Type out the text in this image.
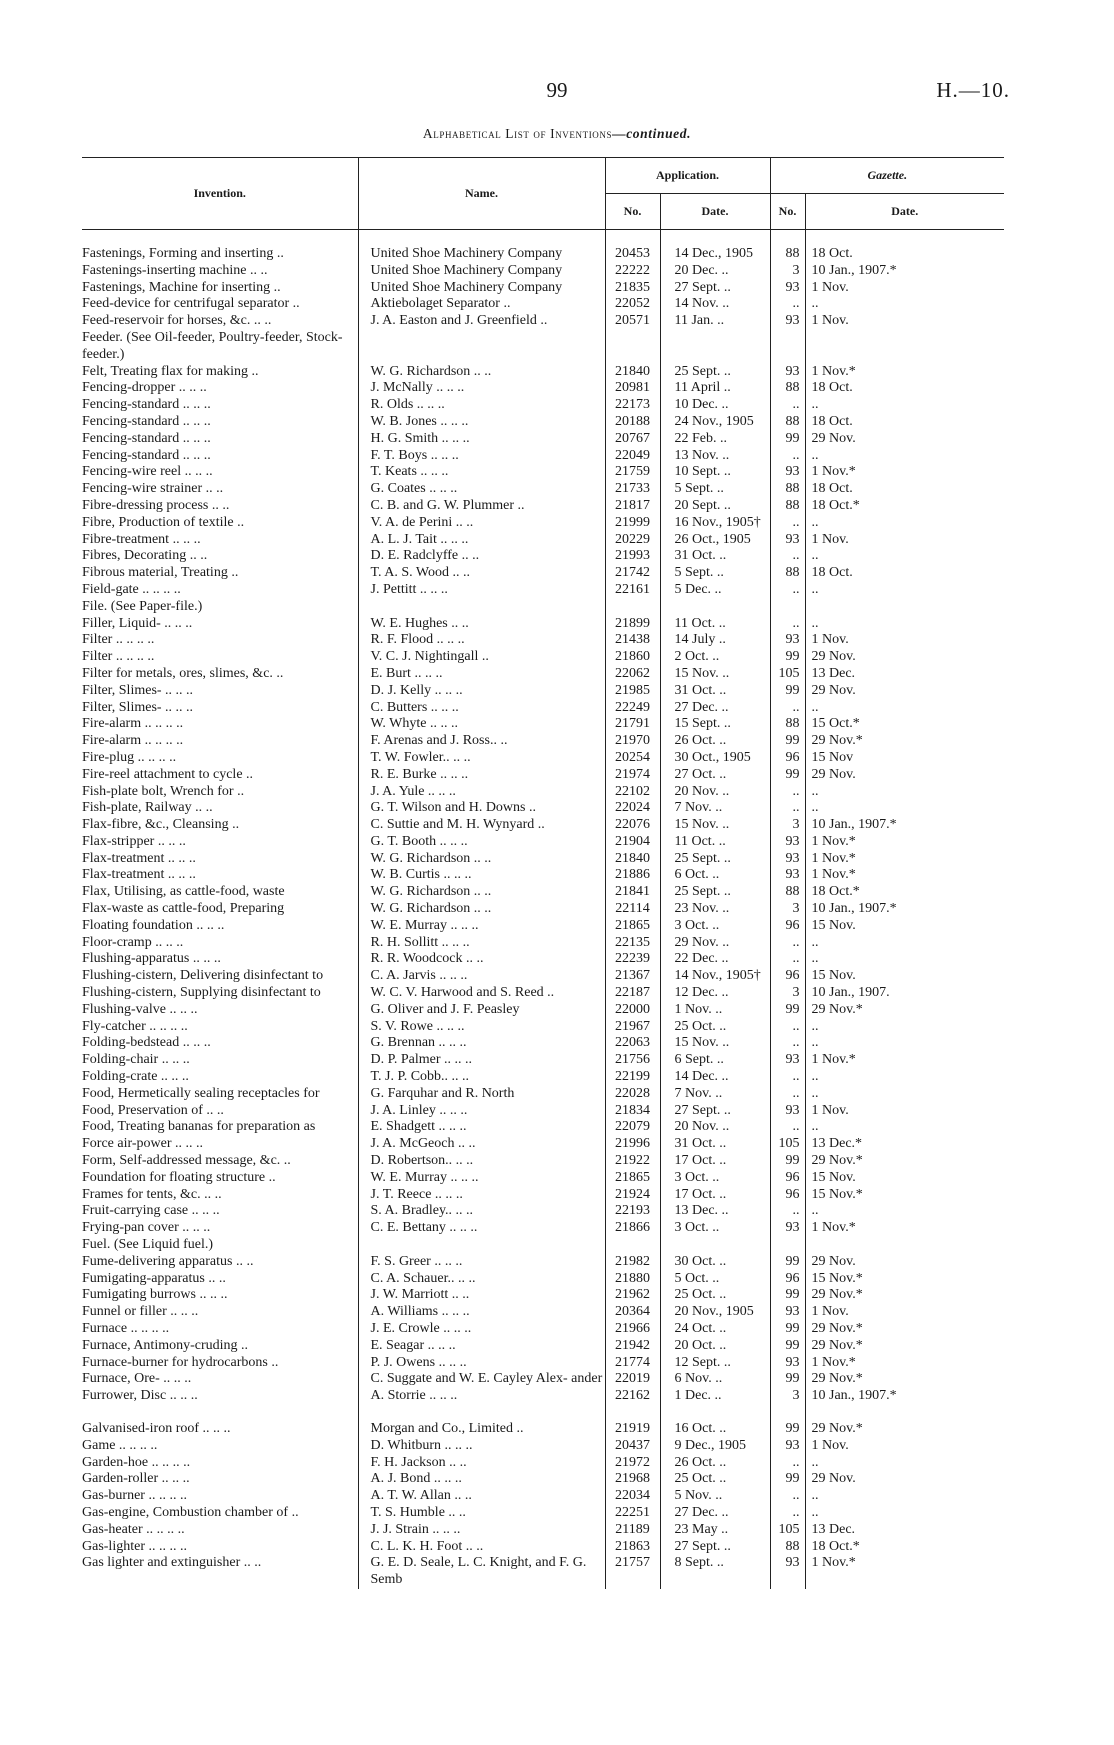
99	H.—10.
Alphabetical List of Inventions—continued.
Invention.	Name.	Application.		Gazette.	
		No.	Date.	No.	Date.

Fastenings, Forming and inserting ..	United Shoe Machinery Company	20453	14 Dec., 1905	88	18 Oct.
Fastenings-inserting machine .. ..	United Shoe Machinery Company	22222	20 Dec. ..	3	10 Jan., 1907.*
Fastenings, Machine for inserting ..	United Shoe Machinery Company	21835	27 Sept. ..	93	1 Nov.
Feed-device for centrifugal separator ..	Aktiebolaget Separator ..	22052	14 Nov. ..	..	..
Feed-reservoir for horses, &c. .. ..	J. A. Easton and J. Greenfield ..	20571	11 Jan. ..	93	1 Nov.
Feeder. (See Oil-feeder, Poultry-feeder, Stock-feeder.)					
Felt, Treating flax for making ..	W. G. Richardson .. ..	21840	25 Sept. ..	93	1 Nov.*
Fencing-dropper .. .. ..	J. McNally .. .. ..	20981	11 April ..	88	18 Oct.
Fencing-standard .. .. ..	R. Olds .. .. ..	22173	10 Dec. ..	..	..
Fencing-standard .. .. ..	W. B. Jones .. .. ..	20188	24 Nov., 1905	88	18 Oct.
Fencing-standard .. .. ..	H. G. Smith .. .. ..	20767	22 Feb. ..	99	29 Nov.
Fencing-standard .. .. ..	F. T. Boys .. .. ..	22049	13 Nov. ..	..	..
Fencing-wire reel .. .. ..	T. Keats .. .. ..	21759	10 Sept. ..	93	1 Nov.*
Fencing-wire strainer .. ..	G. Coates .. .. ..	21733	5 Sept. ..	88	18 Oct.
Fibre-dressing process .. ..	C. B. and G. W. Plummer ..	21817	20 Sept. ..	88	18 Oct.*
Fibre, Production of textile ..	V. A. de Perini .. ..	21999	16 Nov., 1905†	..	..
Fibre-treatment .. .. ..	A. L. J. Tait .. .. ..	20229	26 Oct., 1905	93	1 Nov.
Fibres, Decorating .. ..	D. E. Radclyffe .. ..	21993	31 Oct. ..	..	..
Fibrous material, Treating ..	T. A. S. Wood .. ..	21742	5 Sept. ..	88	18 Oct.
Field-gate .. .. .. ..	J. Pettitt .. .. ..	22161	5 Dec. ..	..	..
File. (See Paper-file.)					
Filler, Liquid- .. .. ..	W. E. Hughes .. ..	21899	11 Oct. ..	..	..
Filter .. .. .. ..	R. F. Flood .. .. ..	21438	14 July ..	93	1 Nov.
Filter .. .. .. ..	V. C. J. Nightingall ..	21860	2 Oct. ..	99	29 Nov.
Filter for metals, ores, slimes, &c. ..	E. Burt .. .. ..	22062	15 Nov. ..	105	13 Dec.
Filter, Slimes- .. .. ..	D. J. Kelly .. .. ..	21985	31 Oct. ..	99	29 Nov.
Filter, Slimes- .. .. ..	C. Butters .. .. ..	22249	27 Dec. ..	..	..
Fire-alarm .. .. .. ..	W. Whyte .. .. ..	21791	15 Sept. ..	88	15 Oct.*
Fire-alarm .. .. .. ..	F. Arenas and J. Ross.. ..	21970	26 Oct. ..	99	29 Nov.*
Fire-plug .. .. .. ..	T. W. Fowler.. .. ..	20254	30 Oct., 1905	96	15 Nov
Fire-reel attachment to cycle ..	R. E. Burke .. .. ..	21974	27 Oct. ..	99	29 Nov.
Fish-plate bolt, Wrench for ..	J. A. Yule .. .. ..	22102	20 Nov. ..	..	..
Fish-plate, Railway .. ..	G. T. Wilson and H. Downs ..	22024	7 Nov. ..	..	..
Flax-fibre, &c., Cleansing ..	C. Suttie and M. H. Wynyard ..	22076	15 Nov. ..	3	10 Jan., 1907.*
Flax-stripper .. .. ..	G. T. Booth .. .. ..	21904	11 Oct. ..	93	1 Nov.*
Flax-treatment .. .. ..	W. G. Richardson .. ..	21840	25 Sept. ..	93	1 Nov.*
Flax-treatment .. .. ..	W. B. Curtis .. .. ..	21886	6 Oct. ..	93	1 Nov.*
Flax, Utilising, as cattle-food, waste	W. G. Richardson .. ..	21841	25 Sept. ..	88	18 Oct.*
Flax-waste as cattle-food, Preparing	W. G. Richardson .. ..	22114	23 Nov. ..	3	10 Jan., 1907.*
Floating foundation .. .. ..	W. E. Murray .. .. ..	21865	3 Oct. ..	96	15 Nov.
Floor-cramp .. .. ..	R. H. Sollitt .. .. ..	22135	29 Nov. ..	..	..
Flushing-apparatus .. .. ..	R. R. Woodcock .. ..	22239	22 Dec. ..	..	..
Flushing-cistern, Delivering disinfectant to	C. A. Jarvis .. .. ..	21367	14 Nov., 1905†	96	15 Nov.
Flushing-cistern, Supplying disinfectant to	W. C. V. Harwood and S. Reed ..	22187	12 Dec. ..	3	10 Jan., 1907.
Flushing-valve .. .. ..	G. Oliver and J. F. Peasley	22000	1 Nov. ..	99	29 Nov.*
Fly-catcher .. .. .. ..	S. V. Rowe .. .. ..	21967	25 Oct. ..	..	..
Folding-bedstead .. .. ..	G. Brennan .. .. ..	22063	15 Nov. ..	..	..
Folding-chair .. .. ..	D. P. Palmer .. .. ..	21756	6 Sept. ..	93	1 Nov.*
Folding-crate .. .. ..	T. J. P. Cobb.. .. ..	22199	14 Dec. ..	..	..
Food, Hermetically sealing receptacles for	G. Farquhar and R. North	22028	7 Nov. ..	..	..
Food, Preservation of .. ..	J. A. Linley .. .. ..	21834	27 Sept. ..	93	1 Nov.
Food, Treating bananas for preparation as	E. Shadgett .. .. ..	22079	20 Nov. ..	..	..
Force air-power .. .. ..	J. A. McGeoch .. ..	21996	31 Oct. ..	105	13 Dec.*
Form, Self-addressed message, &c. ..	D. Robertson.. .. ..	21922	17 Oct. ..	99	29 Nov.*
Foundation for floating structure ..	W. E. Murray .. .. ..	21865	3 Oct. ..	96	15 Nov.
Frames for tents, &c. .. ..	J. T. Reece .. .. ..	21924	17 Oct. ..	96	15 Nov.*
Fruit-carrying case .. .. ..	S. A. Bradley.. .. ..	22193	13 Dec. ..	..	..
Frying-pan cover .. .. ..	C. E. Bettany .. .. ..	21866	3 Oct. ..	93	1 Nov.*
Fuel. (See Liquid fuel.)					
Fume-delivering apparatus .. ..	F. S. Greer .. .. ..	21982	30 Oct. ..	99	29 Nov.
Fumigating-apparatus .. ..	C. A. Schauer.. .. ..	21880	5 Oct. ..	96	15 Nov.*
Fumigating burrows .. .. ..	J. W. Marriott .. ..	21962	25 Oct. ..	99	29 Nov.*
Funnel or filler .. .. ..	A. Williams .. .. ..	20364	20 Nov., 1905	93	1 Nov.
Furnace .. .. .. ..	J. E. Crowle .. .. ..	21966	24 Oct. ..	99	29 Nov.*
Furnace, Antimony-cruding ..	E. Seagar .. .. ..	21942	20 Oct. ..	99	29 Nov.*
Furnace-burner for hydrocarbons ..	P. J. Owens .. .. ..	21774	12 Sept. ..	93	1 Nov.*
Furnace, Ore- .. .. ..	C. Suggate and W. E. Cayley Alex- ander	22019	6 Nov. ..	99	29 Nov.*
Furrower, Disc .. .. ..	A. Storrie .. .. ..	22162	1 Dec. ..	3	10 Jan., 1907.*

Galvanised-iron roof .. .. ..	Morgan and Co., Limited ..	21919	16 Oct. ..	99	29 Nov.*
Game .. .. .. ..	D. Whitburn .. .. ..	20437	9 Dec., 1905	93	1 Nov.
Garden-hoe .. .. .. ..	F. H. Jackson .. ..	21972	26 Oct. ..	..	..
Garden-roller .. .. ..	A. J. Bond .. .. ..	21968	25 Oct. ..	99	29 Nov.
Gas-burner .. .. .. ..	A. T. W. Allan .. ..	22034	5 Nov. ..	..	..
Gas-engine, Combustion chamber of ..	T. S. Humble .. ..	22251	27 Dec. ..	..	..
Gas-heater .. .. .. ..	J. J. Strain .. .. ..	21189	23 May ..	105	13 Dec.
Gas-lighter .. .. .. ..	C. L. K. H. Foot .. ..	21863	27 Sept. ..	88	18 Oct.*
Gas lighter and extinguisher .. ..	G. E. D. Seale, L. C. Knight, and F. G. Semb	21757	8 Sept. ..	93	1 Nov.*
